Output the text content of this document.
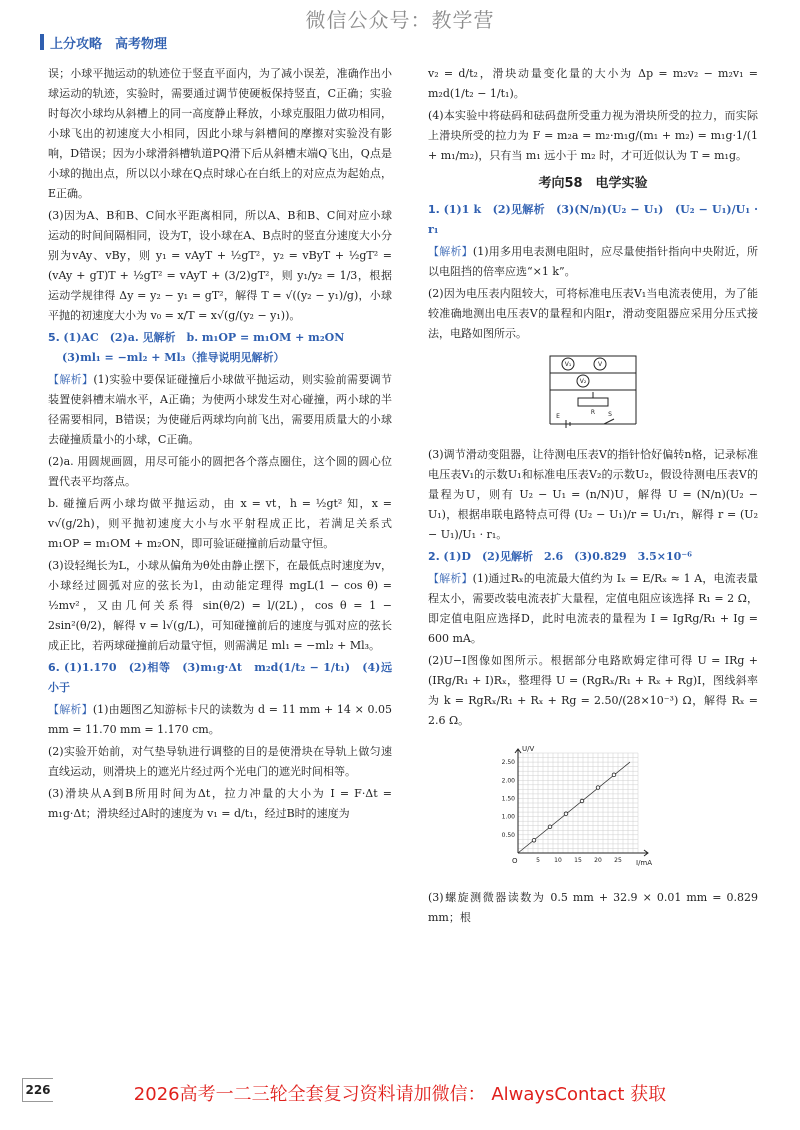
微信公众号：教学营
上分攻略　高考物理

误；小球平抛运动的轨迹位于竖直平面内，为了减小误差，准确作出小球运动的轨迹，实验时，需要通过调节使硬板保持竖直，C正确；实验时每次小球均从斜槽上的同一高度静止释放，小球克服阻力做功相同，小球飞出的初速度大小相同，因此小球与斜槽间的摩擦对实验没有影响，D错误；因为小球滑斜槽轨道PQ滑下后从斜槽末端Q飞出，Q点是小球的抛出点，所以以小球在Q点时球心在白纸上的对应点为起始点，E正确。

(3)因为A、B和B、C间水平距离相同，所以A、B和B、C间对应小球运动的时间间隔相同，设为T，设小球在A、B点时的竖直分速度大小分别为vAy、vBy，则 y₁ = vAyT + ½gT²，y₂ = vByT + ½gT² = (vAy + gT)T + ½gT² = vAyT + (3/2)gT²，则 y₁/y₂ = 1/3，根据运动学规律得 Δy = y₂ − y₁ = gT²，解得 T = √((y₂ − y₁)/g)，小球平抛的初速度大小为 v₀ = x/T = x√(g/(y₂ − y₁))。

5. (1)AC　(2)a. 见解析　b. m₁OP = m₁OM + m₂ON
(3)ml₁ = −ml₂ + Ml₃（推导说明见解析）

【解析】(1)实验中要保证碰撞后小球做平抛运动，则实验前需要调节装置使斜槽末端水平，A正确；为使两小球发生对心碰撞，两小球的半径需要相同，B错误；为使碰后两球均向前飞出，需要用质量大的小球去碰撞质量小的小球，C正确。

(2)a. 用圆规画圆，用尽可能小的圆把各个落点圈住，这个圆的圆心位置代表平均落点。

b. 碰撞后两小球均做平抛运动，由 x = vt，h = ½gt² 知，x = v√(g/2h)，则平抛初速度大小与水平射程成正比，若满足关系式 m₁OP = m₁OM + m₂ON，即可验证碰撞前后动量守恒。

(3)设轻绳长为L，小球从偏角为θ处由静止摆下，在最低点时速度为v，小球经过圆弧对应的弦长为l，由动能定理得 mgL(1 − cos θ) = ½mv²，又由几何关系得 sin(θ/2) = l/(2L)，cos θ = 1 − 2sin²(θ/2)，解得 v = l√(g/L)，可知碰撞前后的速度与弧对应的弦长成正比，若两球碰撞前后动量守恒，则需满足 ml₁ = −ml₂ + Ml₃。

6. (1)1.170　(2)相等　(3)m₁g·Δt　m₂d(1/t₂ − 1/t₁)　(4)远小于

【解析】(1)由题图乙知游标卡尺的读数为 d = 11 mm + 14 × 0.05 mm = 11.70 mm = 1.170 cm。

(2)实验开始前，对气垫导轨进行调整的目的是使滑块在导轨上做匀速直线运动，则滑块上的遮光片经过两个光电门的遮光时间相等。

(3)滑块从A到B所用时间为Δt，拉力冲量的大小为 I = F·Δt = m₁g·Δt；滑块经过A时的速度为 v₁ = d/t₁，经过B时的速度为

v₂ = d/t₂，滑块动量变化量的大小为 Δp = m₂v₂ − m₂v₁ = m₂d(1/t₂ − 1/t₁)。

(4)本实验中将砝码和砝码盘所受重力视为滑块所受的拉力，而实际上滑块所受的拉力为 F = m₂a = m₂·m₁g/(m₁ + m₂) = m₁g·1/(1 + m₁/m₂)，只有当 m₁ 远小于 m₂ 时，才可近似认为 T = m₁g。

考向58　电学实验

1. (1)1 k　(2)见解析　(3)(N/n)(U₂ − U₁)　(U₂ − U₁)/U₁ · r₁

【解析】(1)用多用电表测电阻时，应尽量使指针指向中央附近，所以电阻挡的倍率应选“×1 k”。

(2)因为电压表内阻较大，可将标准电压表V₁当电流表使用，为了能较准确地测出电压表V的量程和内阻r，滑动变阻器应采用分压式接法，电路如图所示。

V₁	V
V₂
R
E	S

(3)调节滑动变阻器，让待测电压表V的指针恰好偏转n格，记录标准电压表V₁的示数U₁和标准电压表V₂的示数U₂，假设待测电压表V的量程为U，则有 U₂ − U₁ = (n/N)U，解得 U = (N/n)(U₂ − U₁)，根据串联电路特点可得 (U₂ − U₁)/r = U₁/r₁，解得 r = (U₂ − U₁)/U₁ · r₁。

2. (1)D　(2)见解析　2.6　(3)0.829　3.5×10⁻⁶

【解析】(1)通过Rₓ的电流最大值约为 Iₓ = E/Rₓ ≈ 1 A，电流表量程太小，需要改装电流表扩大量程，定值电阻应该选择 R₁ = 2 Ω，即定值电阻应选择D，此时电流表的量程为 I = IgRg/R₁ + Ig = 600 mA。

(2)U−I图像如图所示。根据部分电路欧姆定律可得 U = IRg + (IRg/R₁ + I)Rₓ，整理得 U = (RgRₓ/R₁ + Rₓ + Rg)I，图线斜率为 k = RgRₓ/R₁ + Rₓ + Rg = 2.50/(28×10⁻³) Ω，解得 Rₓ = 2.6 Ω。

U/V
I/mA
O
0.50
1.00
1.50
2.00
2.50
5 10 15 20 25

(3)螺旋测微器读数为 0.5 mm + 32.9 × 0.01 mm = 0.829 mm；根

226	2026高考一二三轮全套复习资料请加微信： AlwaysContact 获取
